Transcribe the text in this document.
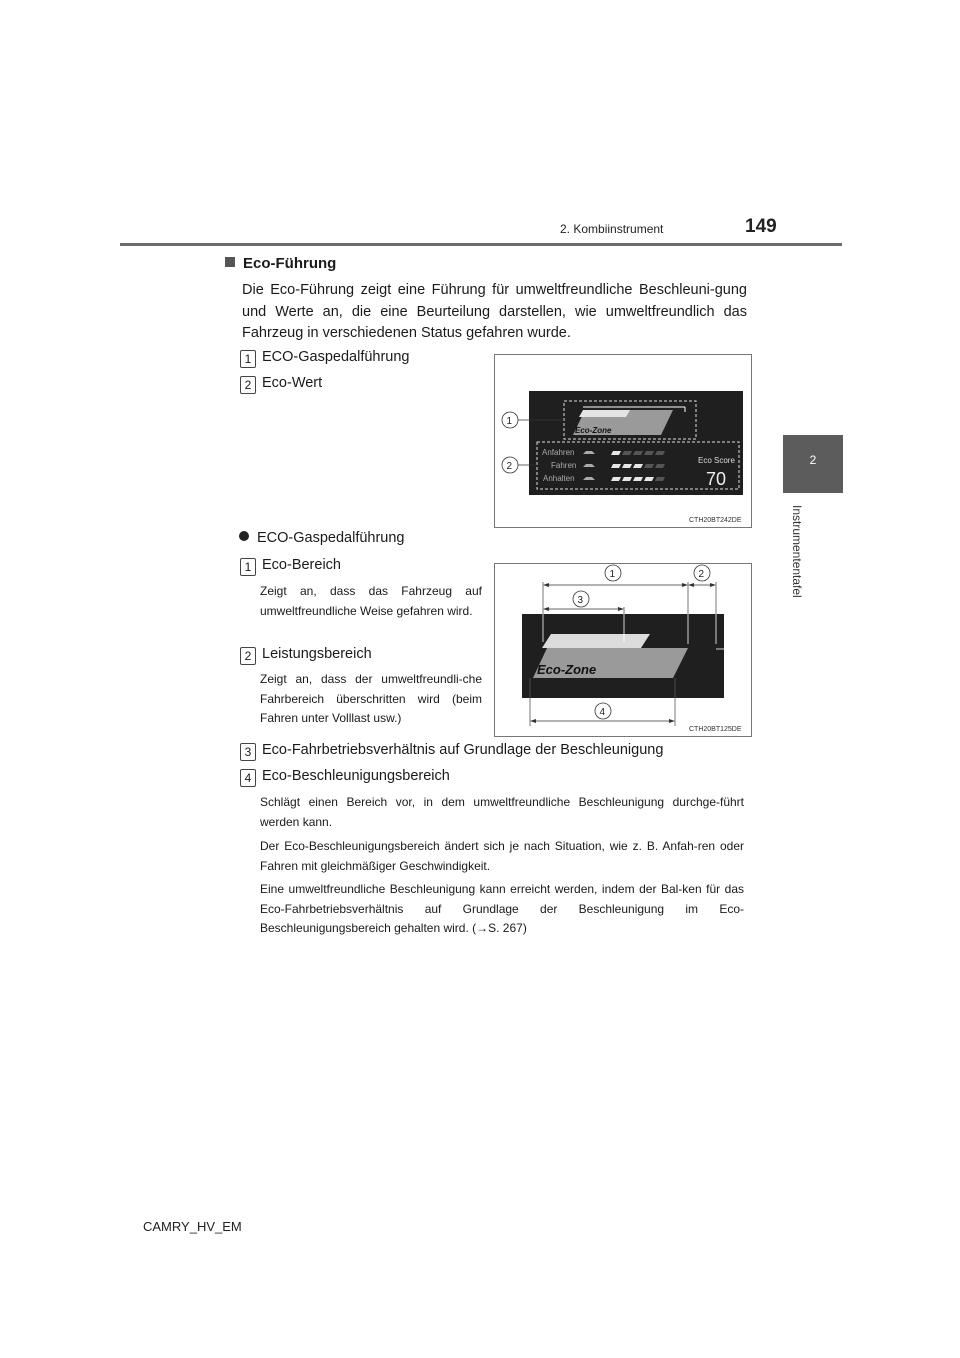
2. Kombiinstrument	149
2
Instrumententafel
Eco-Führung
Die Eco-Führung zeigt eine Führung für umweltfreundliche Beschleuni-gung und Werte an, die eine Beurteilung darstellen, wie umweltfreundlich das Fahrzeug in verschiedenen Status gefahren wurde.
1 ECO-Gaspedalführung
2 Eco-Wert
Eco-Zone
Anfahren
Fahren
Anhalten
Eco Score
70
1
2
CTH20BT242DE
ECO-Gaspedalführung
1 Eco-Bereich
Zeigt an, dass das Fahrzeug auf umweltfreundliche Weise gefahren wird.
2 Leistungsbereich
Zeigt an, dass der umweltfreundli-che Fahrbereich überschritten wird (beim Fahren unter Volllast usw.)
Eco-Zone
1	2
3
4
CTH20BT125DE
3 Eco-Fahrbetriebsverhältnis auf Grundlage der Beschleunigung
4 Eco-Beschleunigungsbereich
Schlägt einen Bereich vor, in dem umweltfreundliche Beschleunigung durchge-führt werden kann.
Der Eco-Beschleunigungsbereich ändert sich je nach Situation, wie z. B. Anfah-ren oder Fahren mit gleichmäßiger Geschwindigkeit.
Eine umweltfreundliche Beschleunigung kann erreicht werden, indem der Bal-ken für das Eco-Fahrbetriebsverhältnis auf Grundlage der Beschleunigung im Eco-Beschleunigungsbereich gehalten wird. (→S. 267)
CAMRY_HV_EM
